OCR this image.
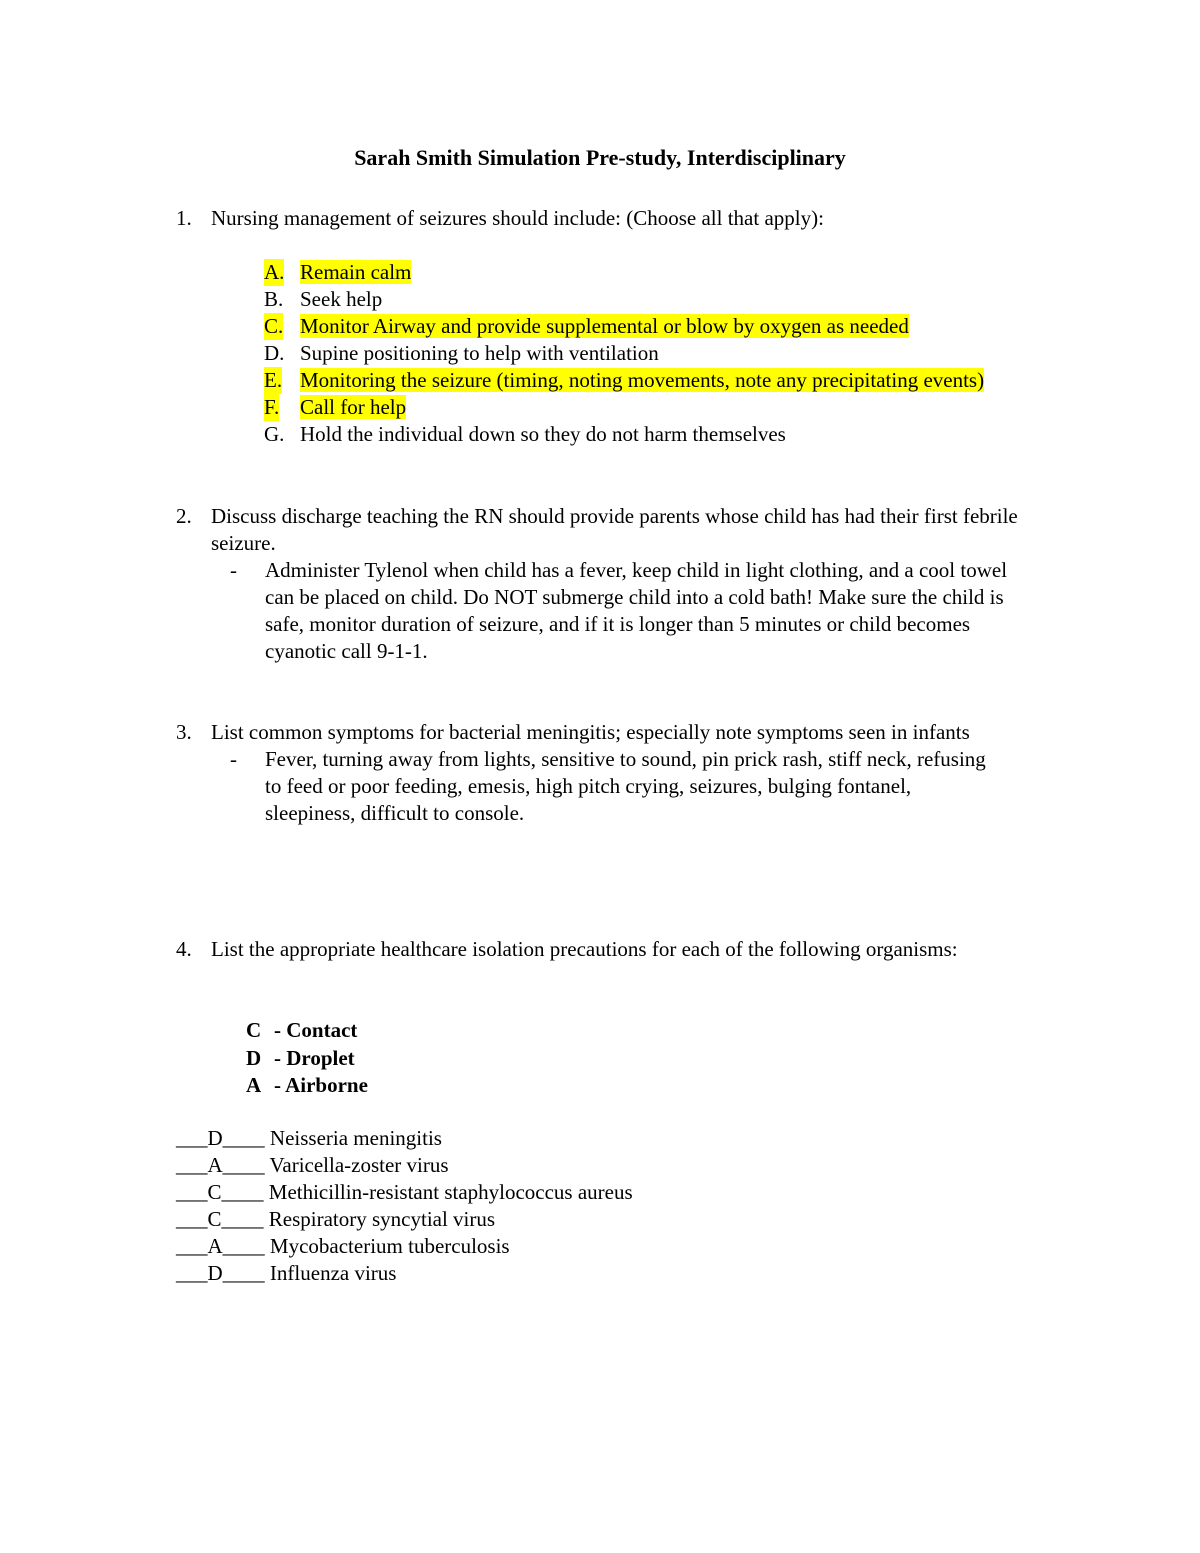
Sarah Smith Simulation Pre-study, Interdisciplinary
1. Nursing management of seizures should include: (Choose all that apply):
A. Remain calm
B. Seek help
C. Monitor Airway and provide supplemental or blow by oxygen as needed
D. Supine positioning to help with ventilation
E. Monitoring the seizure (timing, noting movements, note any precipitating events)
F. Call for help
G. Hold the individual down so they do not harm themselves
2. Discuss discharge teaching the RN should provide parents whose child has had their first febrile seizure.
- Administer Tylenol when child has a fever, keep child in light clothing, and a cool towel can be placed on child. Do NOT submerge child into a cold bath! Make sure the child is safe, monitor duration of seizure, and if it is longer than 5 minutes or child becomes cyanotic call 9-1-1.
3. List common symptoms for bacterial meningitis; especially note symptoms seen in infants
- Fever, turning away from lights, sensitive to sound, pin prick rash, stiff neck, refusing to feed or poor feeding, emesis, high pitch crying, seizures, bulging fontanel, sleepiness, difficult to console.
4. List the appropriate healthcare isolation precautions for each of the following organisms:
C - Contact
D - Droplet
A - Airborne
___D____ Neisseria meningitis
___A____ Varicella-zoster virus
___C____ Methicillin-resistant staphylococcus aureus
___C____ Respiratory syncytial virus
___A____ Mycobacterium tuberculosis
___D____ Influenza virus
